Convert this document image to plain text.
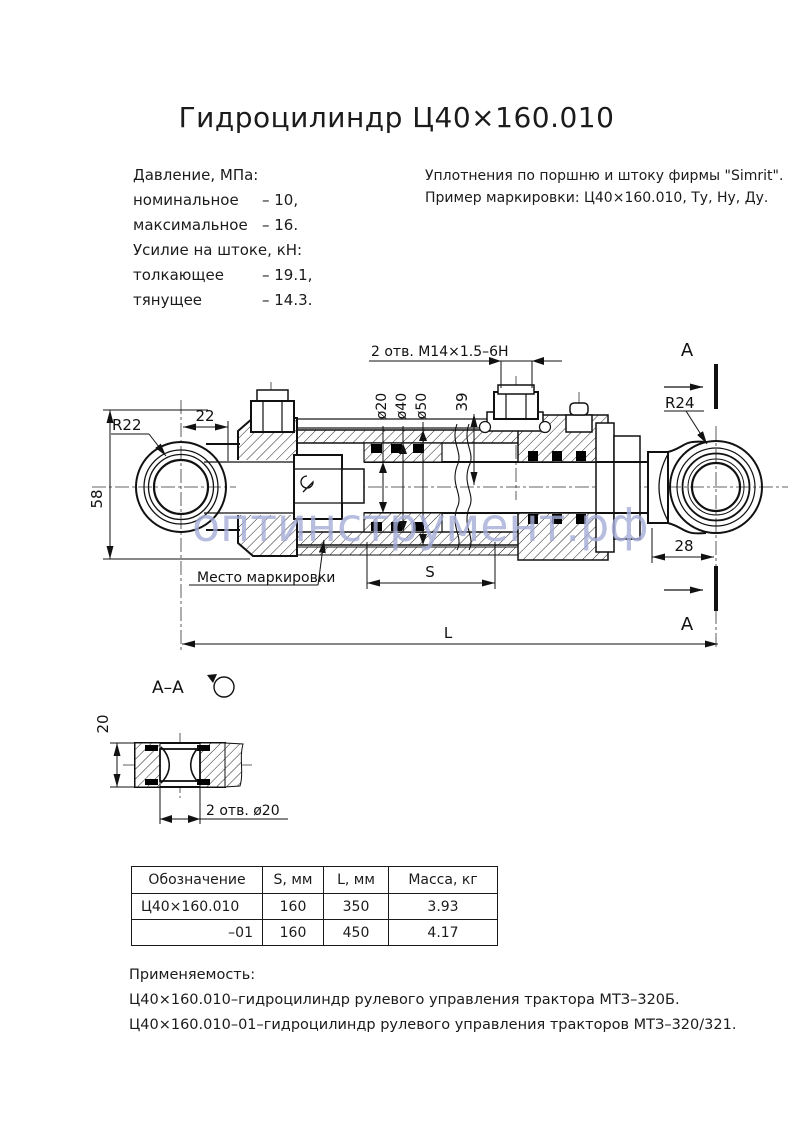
Гидроцилиндр Ц40×160.010
Давление, МПа:
номинальное – 10,
максимальное – 16.
Усилие на штоке, кН:
толкающее	– 19.1,
тянущее	– 14.3.
Уплотнения по поршню и штоку фирмы "Simrit".
Пример маркировки: Ц40×160.010, Ту, Ну, Ду.
оптинструмент.рф
58
22
R22
R24
28
39
ø20 ø40 ø50
2 отв. М14×1.5–6Н
S
L
Место маркировки
А
А
А–А
20
2 отв. ø20
Обозначение	S, мм	L, мм	Масса, кг
Ц40×160.010	160	350	3.93
–01	160	450	4.17
Применяемость:
Ц40×160.010–гидроцилиндр рулевого управления трактора МТЗ–320Б.
Ц40×160.010–01–гидроцилиндр рулевого управления тракторов МТЗ–320/321.
